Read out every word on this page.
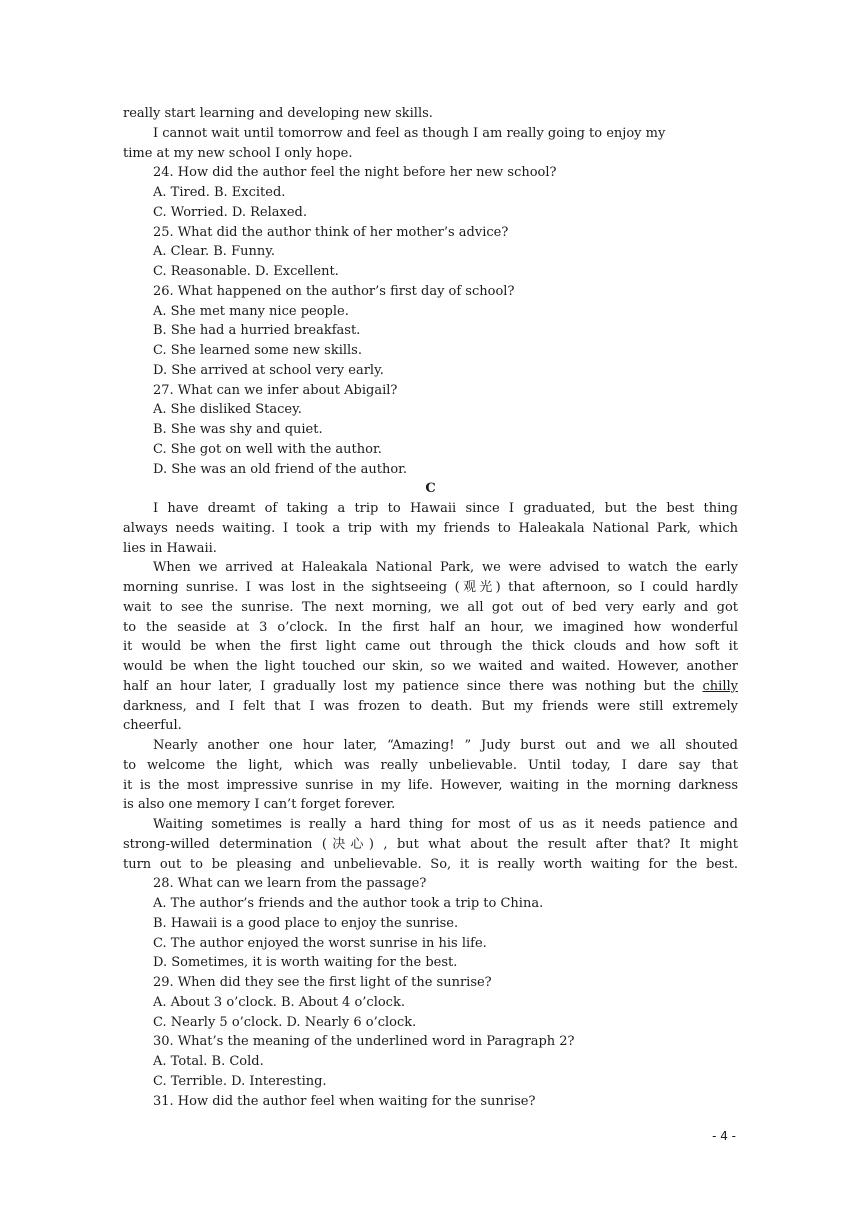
really start learning and developing new skills.
I cannot wait until tomorrow and feel as though I am really going to enjoy my
time at my new school I only hope.
24. How did the author feel the night before her new school?
A. Tired. B. Excited.
C. Worried. D. Relaxed.
25. What did the author think of her mother’s advice?
A. Clear. B. Funny.
C. Reasonable. D. Excellent.
26. What happened on the author’s first day of school?
A. She met many nice people.
B. She had a hurried breakfast.
C. She learned some new skills.
D. She arrived at school very early.
27. What can we infer about Abigail?
A. She disliked Stacey.
B. She was shy and quiet.
C. She got on well with the author.
D. She was an old friend of the author.
C
I have dreamt of taking a trip to Hawaii since I graduated, but the best thing
always needs waiting. I took a trip with my friends to Haleakala National Park, which
lies in Hawaii.
When we arrived at Haleakala National Park, we were advised to watch the early
morning sunrise. I was lost in the sightseeing (观光) that afternoon, so I could hardly
wait to see the sunrise. The next morning, we all got out of bed very early and got
to the seaside at 3 o’clock. In the first half an hour, we imagined how wonderful
it would be when the first light came out through the thick clouds and how soft it
would be when the light touched our skin, so we waited and waited. However, another
half an hour later, I gradually lost my patience since there was nothing but the chilly
darkness, and I felt that I was frozen to death. But my friends were still extremely
cheerful.
Nearly another one hour later, “Amazing! ” Judy burst out and we all shouted
to welcome the light, which was really unbelievable. Until today, I dare say that
it is the most impressive sunrise in my life. However, waiting in the morning darkness
is also one memory I can’t forget forever.
Waiting sometimes is really a hard thing for most of us as it needs patience and
strong-willed determination (决心) , but what about the result after that? It might
turn out to be pleasing and unbelievable. So, it is really worth waiting for the best.
28. What can we learn from the passage?
A. The author’s friends and the author took a trip to China.
B. Hawaii is a good place to enjoy the sunrise.
C. The author enjoyed the worst sunrise in his life.
D. Sometimes, it is worth waiting for the best.
29. When did they see the first light of the sunrise?
A. About 3 o’clock. B. About 4 o’clock.
C. Nearly 5 o’clock. D. Nearly 6 o’clock.
30. What’s the meaning of the underlined word in Paragraph 2?
A. Total. B. Cold.
C. Terrible. D. Interesting.
31. How did the author feel when waiting for the sunrise?
- 4 -
